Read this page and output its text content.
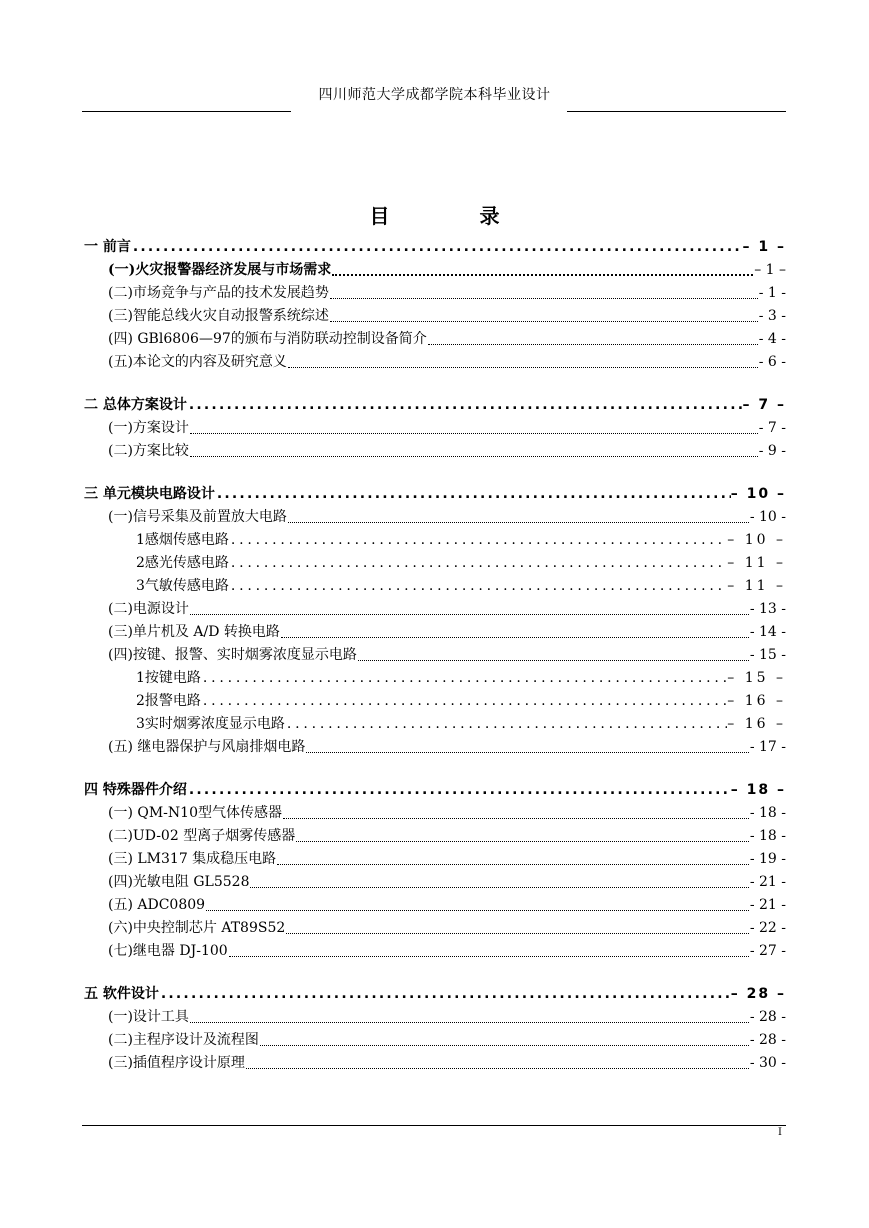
四川师范大学成都学院本科毕业设计
目	录
一 前言 .....	– 1 –
(一)火灾报警器经济发展与市场需求	– 1 –
(二)市场竞争与产品的技术发展趋势	- 1 -
(三)智能总线火灾自动报警系统综述	- 3 -
(四) GBl6806—97的颁布与消防联动控制设备简介	- 4 -
(五)本论文的内容及研究意义	- 6 -
二 总体方案设计 .....	– 7 –
(一)方案设计	- 7 -
(二)方案比较	- 9 -
三 单元模块电路设计 .....	– 10 –
(一)信号采集及前置放大电路	- 10 -
1感烟传感电路 .....	– 10 –
2感光传感电路 .....	– 11 –
3气敏传感电路 .....	– 11 –
(二)电源设计	- 13 -
(三)单片机及 A/D 转换电路	- 14 -
(四)按键、报警、实时烟雾浓度显示电路	- 15 -
1按键电路 .....	– 15 –
2报警电路 .....	– 16 –
3实时烟雾浓度显示电路 .....	– 16 –
(五) 继电器保护与风扇排烟电路	- 17 -
四 特殊器件介绍 .....	– 18 –
(一) QM-N10型气体传感器	- 18 -
(二)UD-02 型离子烟雾传感器	- 18 -
(三) LM317 集成稳压电路	- 19 -
(四)光敏电阻 GL5528	- 21 -
(五) ADC0809	- 21 -
(六)中央控制芯片 AT89S52	- 22 -
(七)继电器 DJ-100	- 27 -
五 软件设计 .....	– 28 –
(一)设计工具	- 28 -
(二)主程序设计及流程图	- 28 -
(三)插值程序设计原理	- 30 -
I
